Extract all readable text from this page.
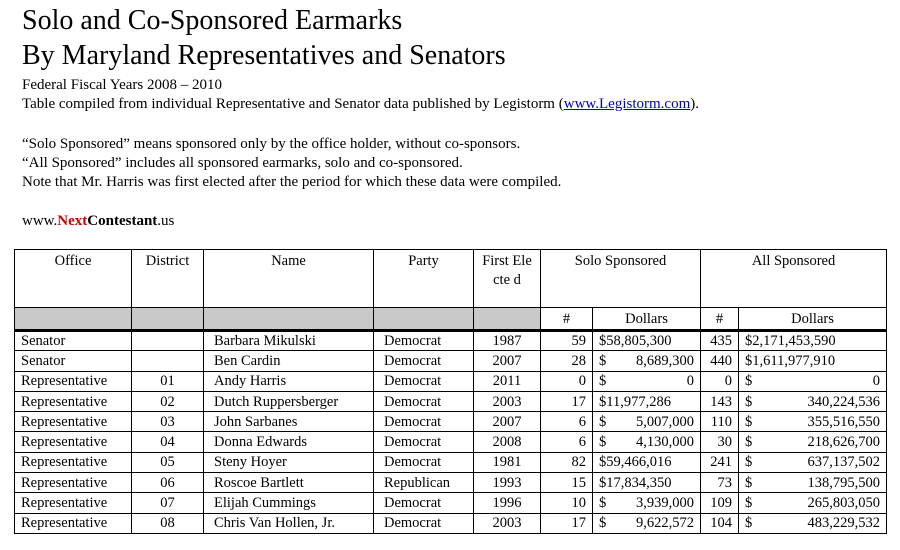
Solo and Co-Sponsored Earmarks
By Maryland Representatives and Senators
Federal Fiscal Years 2008 – 2010
Table compiled from individual Representative and Senator data published by Legistorm (www.Legistorm.com).
“Solo Sponsored” means sponsored only by the office holder, without co-sponsors.
“All Sponsored” includes all sponsored earmarks, solo and co-sponsored.
Note that Mr. Harris was first elected after the period for which these data were compiled.
www.NextContestant.us
Office	District	Name	Party	First Electe d	Solo Sponsored		All Sponsored	
					#	Dollars	#	Dollars
Senator		Barbara Mikulski	Democrat	1987	59	$58,805,300	435	$2,171,453,590
Senator		Ben Cardin	Democrat	2007	28	$ 8,689,300	440	$1,611,977,910
Representative	01	Andy Harris	Democrat	2011	0	$ 0	0	$ 0

Representative	02	Dutch Ruppersberger	Democrat	2003	17	$11,977,286	143	$ 340,224,536

Representative	03	John Sarbanes	Democrat	2007	6	$ 5,007,000	110	$ 355,516,550

Representative	04	Donna Edwards	Democrat	2008	6	$ 4,130,000	30	$ 218,626,700

Representative	05	Steny Hoyer	Democrat	1981	82	$59,466,016	241	$ 637,137,502

Representative	06	Roscoe Bartlett	Republican	1993	15	$17,834,350	73	$ 138,795,500

Representative	07	Elijah Cummings	Democrat	1996	10	$ 3,939,000	109	$ 265,803,050

Representative	08	Chris Van Hollen, Jr.	Democrat	2003	17	$ 9,622,572	104	$ 483,229,532
